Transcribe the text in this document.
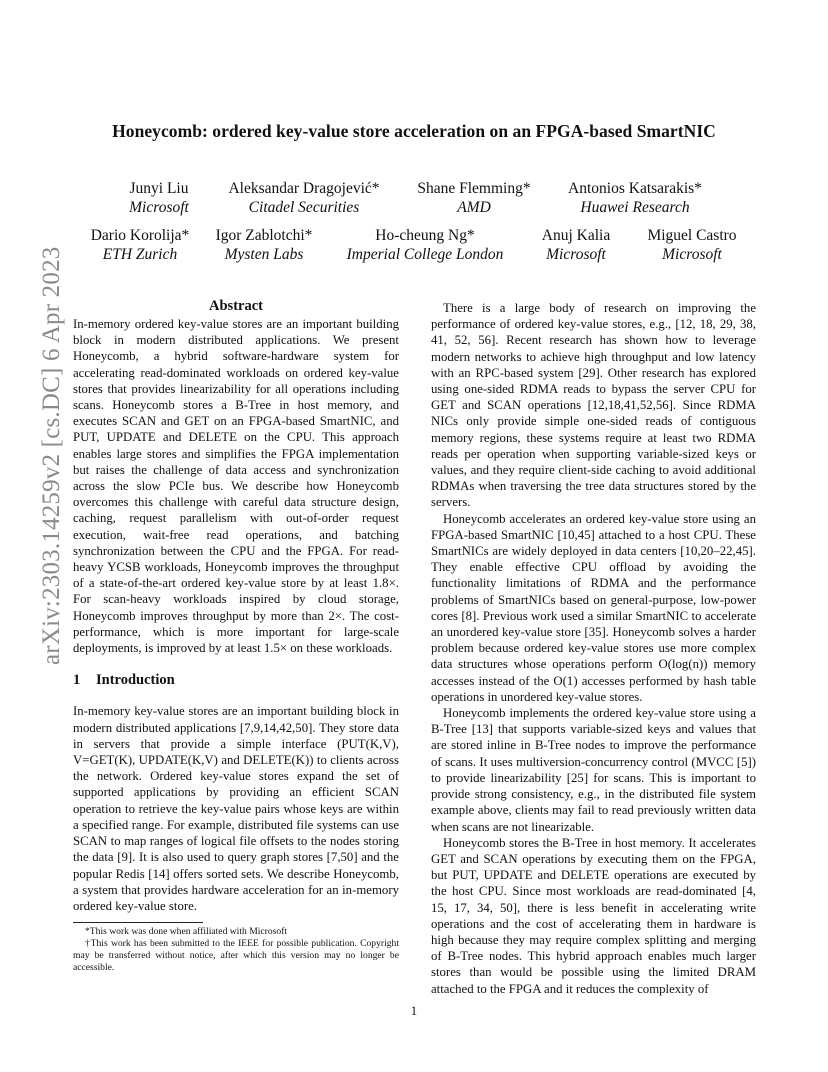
arXiv:2303.14259v2 [cs.DC] 6 Apr 2023
Honeycomb: ordered key-value store acceleration on an FPGA-based SmartNIC
Junyi Liu
Microsoft
Aleksandar Dragojević*
Citadel Securities
Shane Flemming*
AMD
Antonios Katsarakis*
Huawei Research
Dario Korolija*
ETH Zurich
Igor Zablotchi*
Mysten Labs
Ho-cheung Ng*
Imperial College London
Anuj Kalia
Microsoft
Miguel Castro
Microsoft
Abstract

In-memory ordered key-value stores are an important building block in modern distributed applications. We present Honeycomb, a hybrid software-hardware system for accelerating read-dominated workloads on ordered key-value stores that provides linearizability for all operations including scans. Honeycomb stores a B-Tree in host memory, and executes SCAN and GET on an FPGA-based SmartNIC, and PUT, UPDATE and DELETE on the CPU. This approach enables large stores and simplifies the FPGA implementation but raises the challenge of data access and synchronization across the slow PCIe bus. We describe how Honeycomb overcomes this challenge with careful data structure design, caching, request parallelism with out-of-order request execution, wait-free read operations, and batching synchronization between the CPU and the FPGA. For read-heavy YCSB workloads, Honeycomb improves the throughput of a state-of-the-art ordered key-value store by at least 1.8×. For scan-heavy workloads inspired by cloud storage, Honeycomb improves throughput by more than 2×. The cost-performance, which is more important for large-scale deployments, is improved by at least 1.5× on these workloads.

1 Introduction

In-memory key-value stores are an important building block in modern distributed applications [7,9,14,42,50]. They store data in servers that provide a simple interface (PUT(K,V), V=GET(K), UPDATE(K,V) and DELETE(K)) to clients across the network. Ordered key-value stores expand the set of supported applications by providing an efficient SCAN operation to retrieve the key-value pairs whose keys are within a specified range. For example, distributed file systems can use SCAN to map ranges of logical file offsets to the nodes storing the data [9]. It is also used to query graph stores [7,50] and the popular Redis [14] offers sorted sets. We describe Honeycomb, a system that provides hardware acceleration for an in-memory ordered key-value store.

*This work was done when affiliated with Microsoft
†This work has been submitted to the IEEE for possible publication. Copyright may be transferred without notice, after which this version may no longer be accessible.

There is a large body of research on improving the performance of ordered key-value stores, e.g., [12, 18, 29, 38, 41, 52, 56]. Recent research has shown how to leverage modern networks to achieve high throughput and low latency with an RPC-based system [29]. Other research has explored using one-sided RDMA reads to bypass the server CPU for GET and SCAN operations [12,18,41,52,56]. Since RDMA NICs only provide simple one-sided reads of contiguous memory regions, these systems require at least two RDMA reads per operation when supporting variable-sized keys or values, and they require client-side caching to avoid additional RDMAs when traversing the tree data structures stored by the servers.

Honeycomb accelerates an ordered key-value store using an FPGA-based SmartNIC [10,45] attached to a host CPU. These SmartNICs are widely deployed in data centers [10,20–22,45]. They enable effective CPU offload by avoiding the functionality limitations of RDMA and the performance problems of SmartNICs based on general-purpose, low-power cores [8]. Previous work used a similar SmartNIC to accelerate an unordered key-value store [35]. Honeycomb solves a harder problem because ordered key-value stores use more complex data structures whose operations perform O(log(n)) memory accesses instead of the O(1) accesses performed by hash table operations in unordered key-value stores.

Honeycomb implements the ordered key-value store using a B-Tree [13] that supports variable-sized keys and values that are stored inline in B-Tree nodes to improve the performance of scans. It uses multiversion-concurrency control (MVCC [5]) to provide linearizability [25] for scans. This is important to provide strong consistency, e.g., in the distributed file system example above, clients may fail to read previously written data when scans are not linearizable.

Honeycomb stores the B-Tree in host memory. It accelerates GET and SCAN operations by executing them on the FPGA, but PUT, UPDATE and DELETE operations are executed by the host CPU. Since most workloads are read-dominated [4, 15, 17, 34, 50], there is less benefit in accelerating write operations and the cost of accelerating them in hardware is high because they may require complex splitting and merging of B-Tree nodes. This hybrid approach enables much larger stores than would be possible using the limited DRAM attached to the FPGA and it reduces the complexity of

1
